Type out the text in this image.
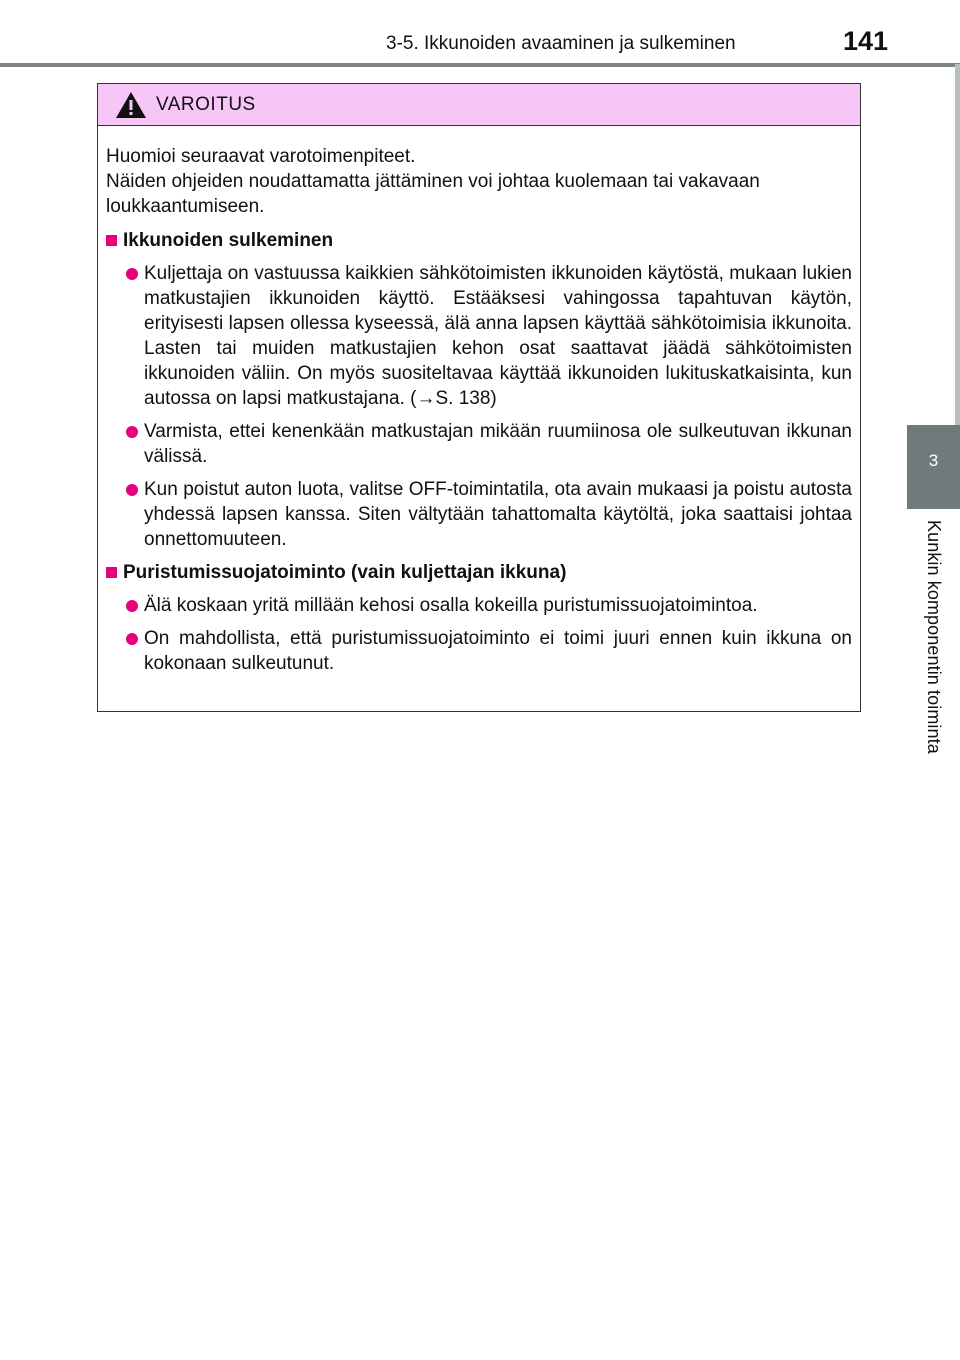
3-5. Ikkunoiden avaaminen ja sulkeminen	141
3
Kunkin komponentin toiminta
VAROITUS

Huomioi seuraavat varotoimenpiteet.
Näiden ohjeiden noudattamatta jättäminen voi johtaa kuolemaan tai vakavaan loukkaantumiseen.

Ikkunoiden sulkeminen
Kuljettaja on vastuussa kaikkien sähkötoimisten ikkunoiden käytöstä, mukaan lukien matkustajien ikkunoiden käyttö. Estääksesi vahingossa tapahtuvan käytön, erityisesti lapsen ollessa kyseessä, älä anna lapsen käyttää sähkötoimisia ikkunoita. Lasten tai muiden matkustajien kehon osat saattavat jäädä sähkötoimisten ikkunoiden väliin. On myös suositeltavaa käyttää ikkunoiden lukituskatkaisinta, kun autossa on lapsi matkustajana. (→S. 138)
Varmista, ettei kenenkään matkustajan mikään ruumiinosa ole sulkeutuvan ikkunan välissä.
Kun poistut auton luota, valitse OFF-toimintatila, ota avain mukaasi ja poistu autosta yhdessä lapsen kanssa. Siten vältytään tahattomalta käytöltä, joka saattaisi johtaa onnettomuuteen.
Puristumissuojatoiminto (vain kuljettajan ikkuna)
Älä koskaan yritä millään kehosi osalla kokeilla puristumissuojatoimintoa.
On mahdollista, että puristumissuojatoiminto ei toimi juuri ennen kuin ikkuna on kokonaan sulkeutunut.
